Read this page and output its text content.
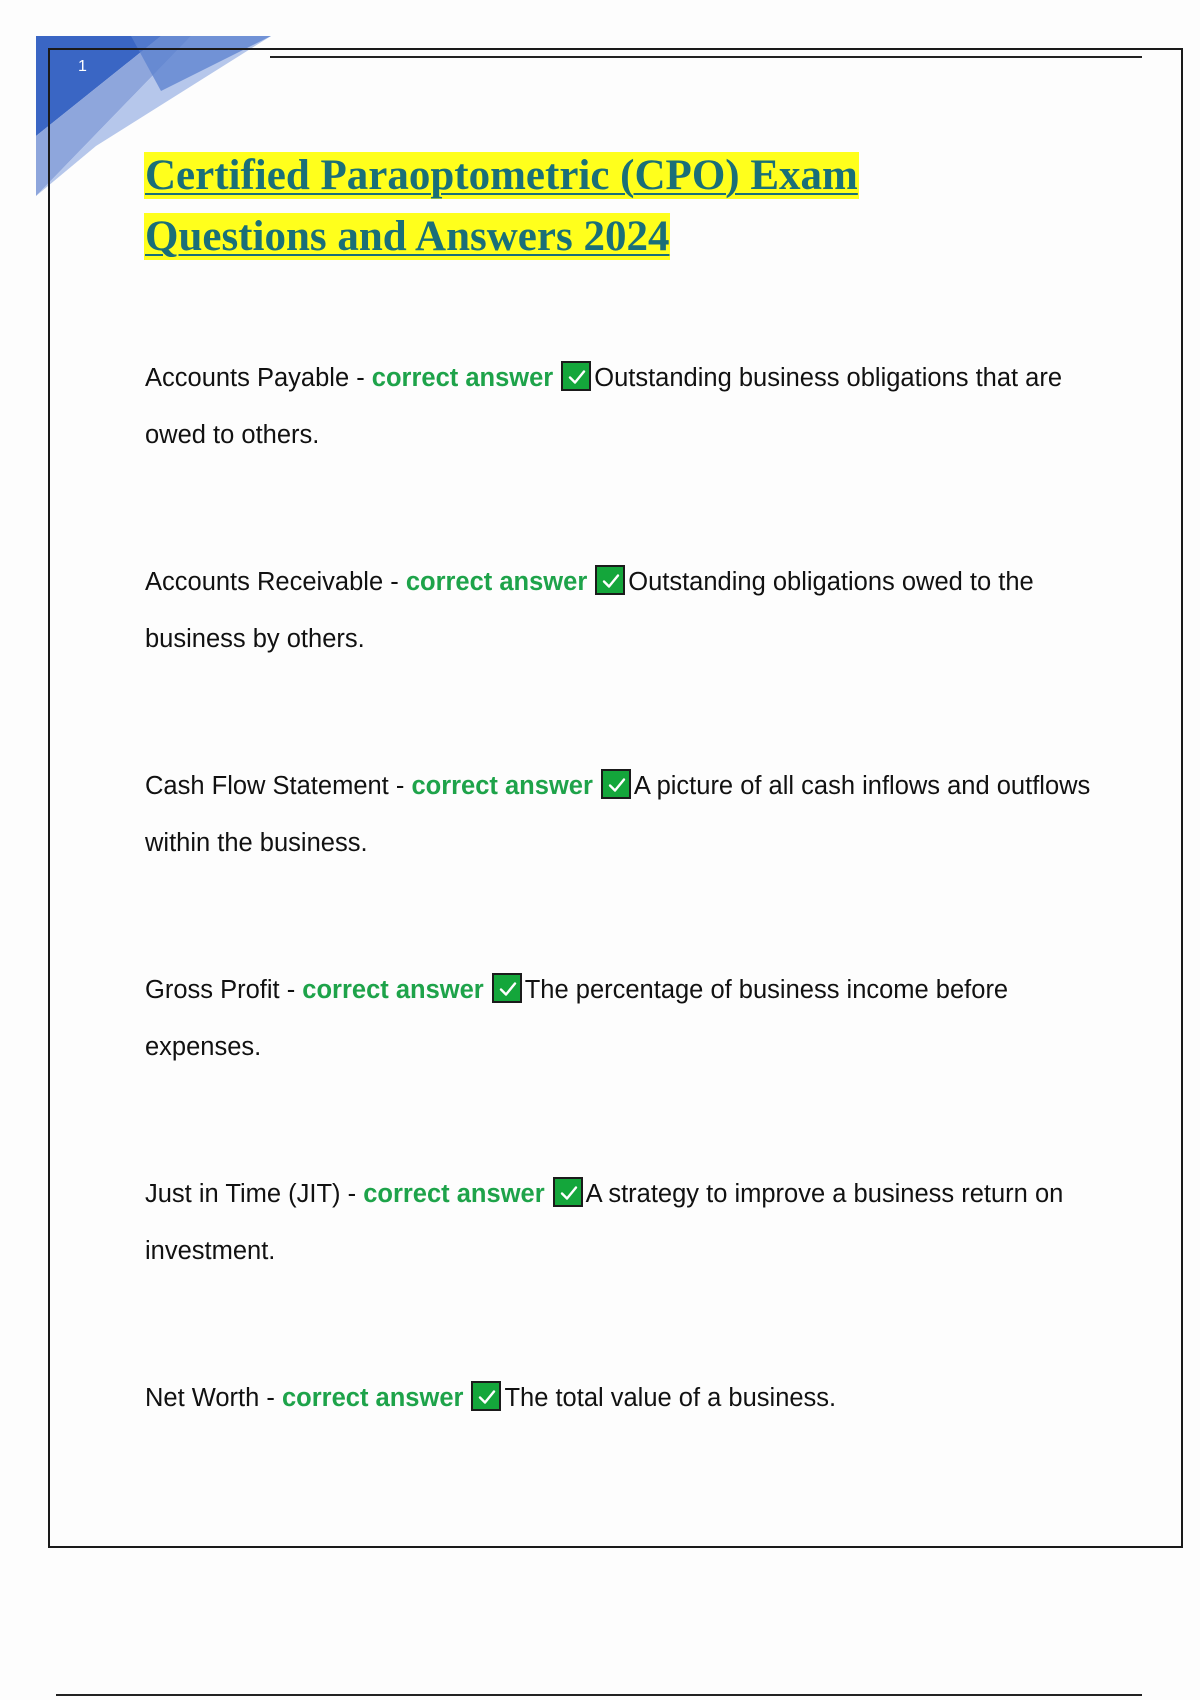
1
Certified Paraoptometric (CPO) Exam
Questions and Answers 2024
Accounts Payable - correct answer Outstanding business obligations that are owed to others.
Accounts Receivable - correct answer Outstanding obligations owed to the business by others.
Cash Flow Statement - correct answer A picture of all cash inflows and outflows within the business.
Gross Profit - correct answer The percentage of business income before expenses.
Just in Time (JIT) - correct answer A strategy to improve a business return on investment.
Net Worth - correct answer The total value of a business.
